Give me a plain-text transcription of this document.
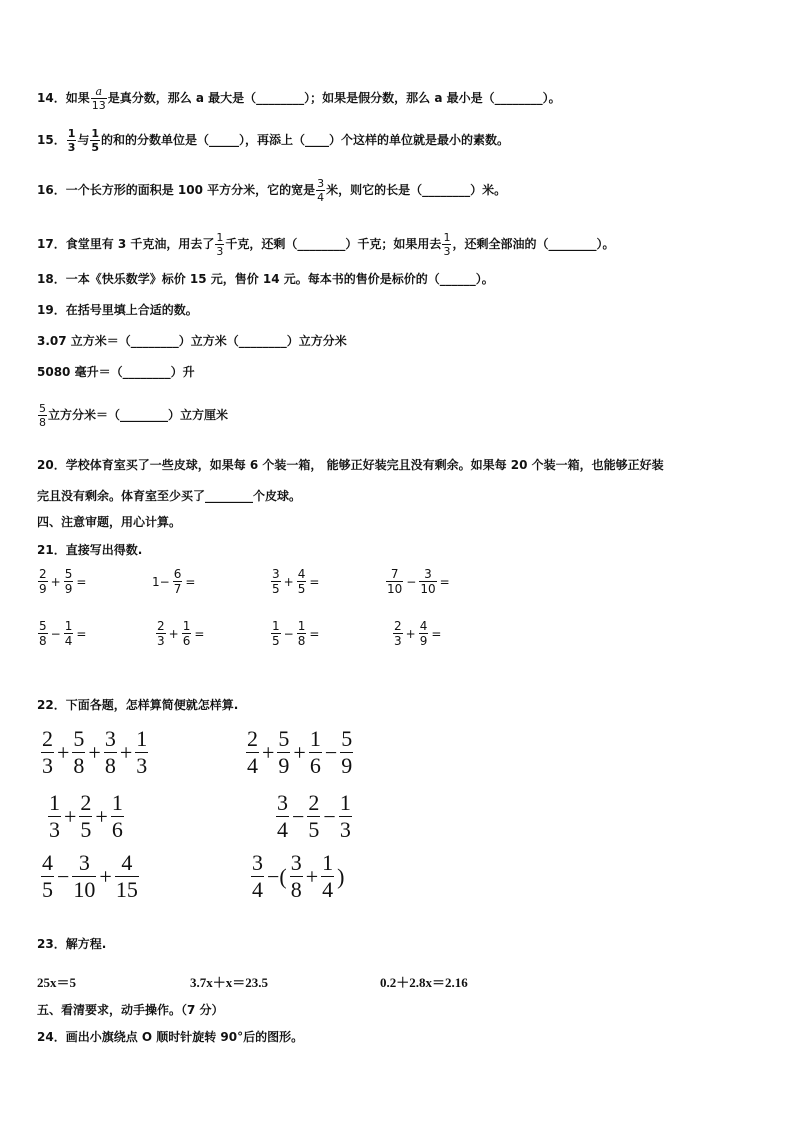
14．如果 $\frac{a}{13}$ 是真分数，那么 a 最大是（________）；如果是假分数，那么 a 最小是（________）。
15． $\frac{1}{3}$ 与 $\frac{1}{5}$ 的和的分数单位是（_____），再添上（____）个这样的单位就是最小的素数。
16．一个长方形的面积是 100 平方分米，它的宽是 $\frac{3}{4}$ 米，则它的长是（________）米。
17．食堂里有 3 千克油，用去了 $\frac{1}{3}$ 千克，还剩（________）千克；如果用去 $\frac{1}{3}$ ，还剩全部油的（________）。
18．一本《快乐数学》标价 15 元，售价 14 元。每本书的售价是标价的（______）。
19．在括号里填上合适的数。
3.07 立方米＝（________）立方米（________）立方分米
5080 毫升＝（________）升
$\frac{5}{8}$ 立方分米＝（________）立方厘米
20．学校体育室买了一些皮球，如果每 6 个装一箱， 能够正好装完且没有剩余。如果每 20 个装一箱，也能够正好装
完且没有剩余。体育室至少买了________个皮球。
四、注意审题，用心计算。
21．直接写出得数.
22．下面各题，怎样算简便就怎样算.
23．解方程.
25x＝5	3.7x＋x＝23.5	0.2＋2.8x＝2.16
五、看清要求，动手操作。（7 分）
24．画出小旗绕点 O 顺时针旋转 90°后的图形。
$\frac{2}{9} + \frac{5}{9}$ =	$1- \frac{6}{7}$ =	$\frac{3}{5} + \frac{4}{5}$ =	$\frac{7}{10} - \frac{3}{10}$ =
$\frac{5}{8} - \frac{1}{4}$ =	$\frac{2}{3} + \frac{1}{6}$ =	$\frac{1}{5} - \frac{1}{8}$ =	$\frac{2}{3} + \frac{4}{9}$ =
$\frac{2}{3} + \frac{5}{8} + \frac{3}{8} + \frac{1}{3}$	$\frac{2}{4} + \frac{5}{9} + \frac{1}{6} - \frac{5}{9}$
$\frac{1}{3} + \frac{2}{5} + \frac{1}{6}$	$\frac{3}{4} - \frac{2}{5} - \frac{1}{3}$
$\frac{4}{5} - \frac{3}{10} + \frac{4}{15}$	$\frac{3}{4}$ −( $\frac{3}{8} + \frac{1}{4}$ )
